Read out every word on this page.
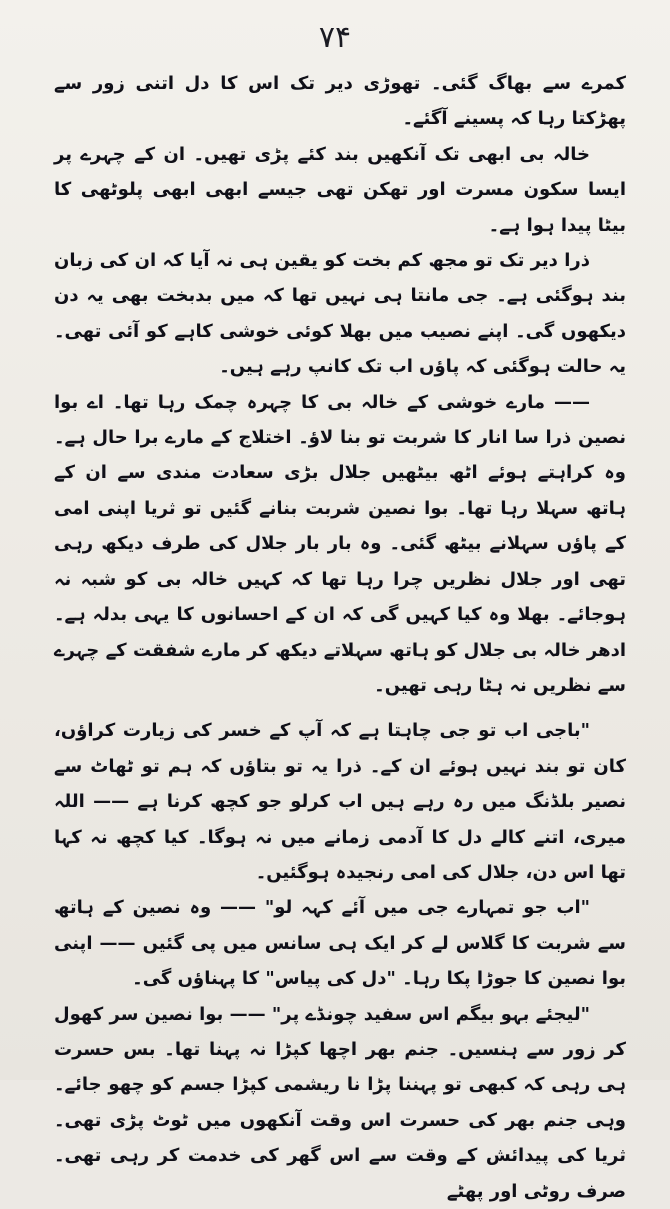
۷۴

کمرے سے بھاگ گئی۔ تھوڑی دیر تک اس کا دل اتنی زور سے پھڑکتا رہا کہ پسینے آگئے۔

خالہ بی ابھی تک آنکھیں بند کئے پڑی تھیں۔ ان کے چہرے پر ایسا سکون مسرت اور تھکن تھی جیسے ابھی ابھی پلوٹھی کا بیٹا پیدا ہوا ہے۔

ذرا دیر تک تو مجھ کم بخت کو یقین ہی نہ آیا کہ ان کی زبان بند ہوگئی ہے۔ جی مانتا ہی نہیں تھا کہ میں بدبخت بھی یہ دن دیکھوں گی۔ اپنے نصیب میں بھلا کوئی خوشی کاہے کو آئی تھی۔ یہ حالت ہوگئی کہ پاؤں اب تک کانپ رہے ہیں۔

—— مارے خوشی کے خالہ بی کا چہرہ چمک رہا تھا۔ اے بوا نصین ذرا سا انار کا شربت تو بنا لاؤ۔ اختلاج کے مارے برا حال ہے۔ وہ کراہتے ہوئے اٹھ بیٹھیں جلال بڑی سعادت مندی سے ان کے ہاتھ سہلا رہا تھا۔ بوا نصین شربت بنانے گئیں تو ثریا اپنی امی کے پاؤں سہلانے بیٹھ گئی۔ وہ بار بار جلال کی طرف دیکھ رہی تھی اور جلال نظریں چرا رہا تھا کہ کہیں خالہ بی کو شبہ نہ ہوجائے۔ بھلا وہ کیا کہیں گی کہ ان کے احسانوں کا یہی بدلہ ہے۔ ادھر خالہ بی جلال کو ہاتھ سہلاتے دیکھ کر مارے شفقت کے چہرے سے نظریں نہ ہٹا رہی تھیں۔

"باجی اب تو جی چاہتا ہے کہ آپ کے خسر کی زیارت کراؤں، کان تو بند نہیں ہوئے ان کے۔ ذرا یہ تو بتاؤں کہ ہم تو ٹھاٹ سے نصیر بلڈنگ میں رہ رہے ہیں اب کرلو جو کچھ کرنا ہے —— اللہ میری، اتنے کالے دل کا آدمی زمانے میں نہ ہوگا۔ کیا کچھ نہ کہا تھا اس دن، جلال کی امی رنجیدہ ہوگئیں۔

"اب جو تمہارے جی میں آئے کہہ لو" —— وہ نصین کے ہاتھ سے شربت کا گلاس لے کر ایک ہی سانس میں پی گئیں —— اپنی بوا نصین کا جوڑا پکا رہا۔ "دل کی پیاس" کا پہناؤں گی۔

"لیجئے بہو بیگم اس سفید چونڈے پر" —— بوا نصین سر کھول کر زور سے ہنسیں۔ جنم بھر اچھا کپڑا نہ پہنا تھا۔ بس حسرت ہی رہی کہ کبھی تو پہننا پڑا نا ریشمی کپڑا جسم کو چھو جائے۔ وہی جنم بھر کی حسرت اس وقت آنکھوں میں ٹوٹ پڑی تھی۔ ثریا کی پیدائش کے وقت سے اس گھر کی خدمت کر رہی تھی۔ صرف روٹی اور پھٹے
